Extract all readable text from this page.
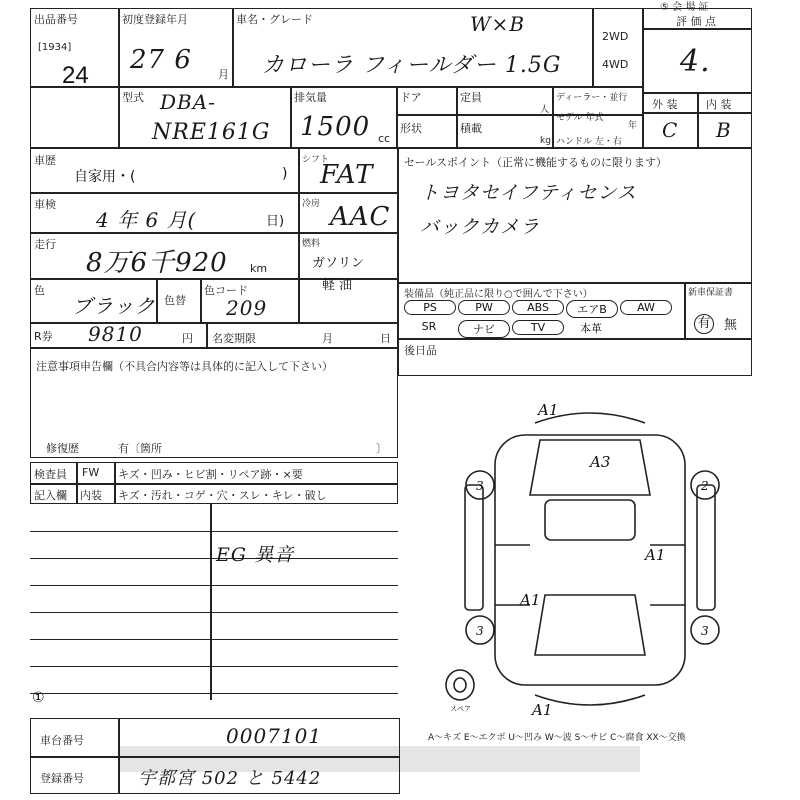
出品番号
[1934]
24
初度登録年月
27 6 月
車名・グレード	W×B
カローラ フィールダー 1.5G
2WD
4WD
⑤ 会 場 証
評 価 点
4.
型式 DBA-
NRE161G
排気量
1500 cc
ドア	定員
人
形状	積載
kg
ディーラー・並行
モデル 年式
年
ハンドル 左・右
外 装	内 装
C B
車歴
自家用・(	)
シフト
FAT
車検
4 年 6 月(	日)
冷房 AAC
走行
8万6千920 km
燃料
ガソリン
軽 油
色
ブラック 色替
色コード
209
R券 9810	円 名変期限	月	日
セールスポイント（正常に機能するものに限ります）
トヨタセイフティセンス
バックカメラ
装備品（純正品に限り○で囲んで下さい）	新車保証書
PS	PW	ABS	エアB	AW
SR	ナビ	TV	本革	有 無
後日品
注意事項申告欄（不具合内容等は具体的に記入して下さい）
修復歴	有〔箇所	〕
検査員
記入欄
FW キズ・凹み・ヒビ割・リペア跡・×要
内装 キズ・汚れ・コゲ・穴・スレ・キレ・破し
EG 異音
A1
A3
A1
A1
A1
3	2
3	3
スペア
①
A～キズ E～エクボ U～凹み W～波 S～サビ C～腐食 XX～交換
車台番号	0007101
登録番号	宇都宮 502 と 5442
